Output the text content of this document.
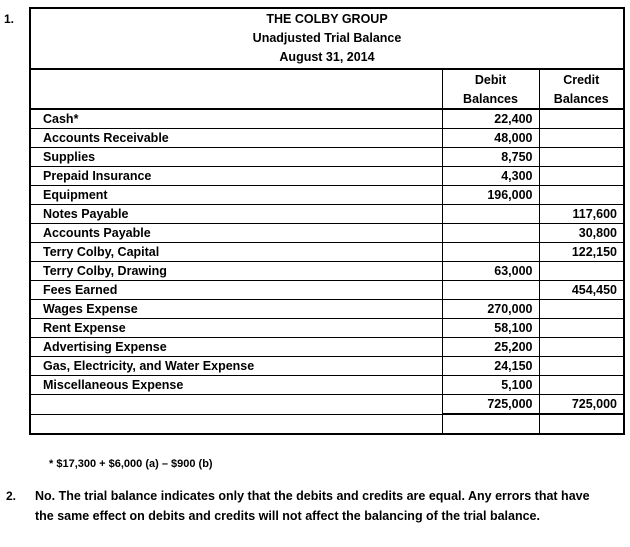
1.	THE COLBY GROUP
Unadjusted Trial Balance
August 31, 2014		

	Debit	Credit
	Balances	Balances
Cash*	22,400	
Accounts Receivable	48,000	
Supplies	8,750	
Prepaid Insurance	4,300	
Equipment	196,000	
Notes Payable		117,600
Accounts Payable		30,800
Terry Colby, Capital		122,150
Terry Colby, Drawing	63,000	
Fees Earned		454,450
Wages Expense	270,000	
Rent Expense	58,100	
Advertising Expense	25,200	
Gas, Electricity, and Water Expense	24,150	
Miscellaneous Expense	5,100	
	725,000	725,000

* $17,300 + $6,000 (a) – $900 (b)
2. No. The trial balance indicates only that the debits and credits are equal. Any errors that have the same effect on debits and credits will not affect the balancing of the trial balance.
